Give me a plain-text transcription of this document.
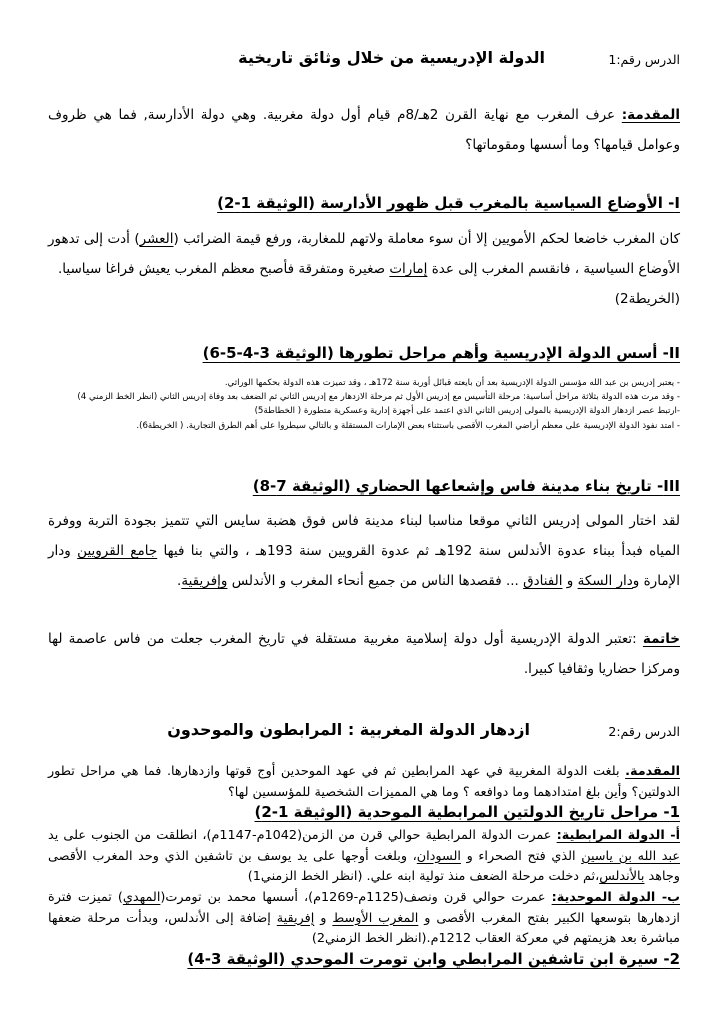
الدرس رقم:1
الدولة الإدريسية من خلال وثائق تاريخية
المقدمة: عرف المغرب مع نهاية القرن 2هـ/8م قيام أول دولة مغربية. وهي دولة الأدارسة, فما هي ظروف وعوامل قيامها؟ وما أسسها ومقوماتها؟
I- الأوضاع السياسية بالمغرب قبل ظهور الأدارسة (الوثيقة 1-2)
كان المغرب خاضعا لحكم الأمويين إلا أن سوء معاملة ولاتهم للمغاربة، ورفع قيمة الضرائب (العشر) أدت إلى تدهور الأوضاع السياسية ، فانقسم المغرب إلى عدة إمارات صغيرة ومتفرقة فأصبح معظم المغرب يعيش فراغا سياسيا.
(الخريطة2)
II- أسس الدولة الإدريسية وأهم مراحل تطورها (الوثيقة 3-4-5-6)
- يعتبر إدريس بن عبد الله مؤسس الدولة الإدريسية بعد أن بايعته قبائل أوربة سنة 172هـ ، وقد تميزت هذه الدولة بحكمها الوراثي.
- وقد مرت هذه الدولة بثلاثة مراحل أساسية: مرحلة التأسيس مع إدريس الأول ثم مرحلة الازدهار مع إدريس الثاني ثم الضعف بعد وفاة إدريس الثاني (انظر الخط الزمني 4)
-ارتبط عصر ازدهار الدولة الإدريسية بالمولى إدريس الثاني الذي اعتمد على أجهزة إدارية وعسكرية متطورة ( الخطاطة5)
- امتد نفوذ الدولة الإدريسية على معظم أراضي المغرب الأقصى باستثناء بعض الإمارات المستقلة و بالتالي سيطروا على أهم الطرق التجارية. ( الخريطة6).
III- تاريخ بناء مدينة فاس وإشعاعها الحضاري (الوثيقة 7-8)
لقد اختار المولى إدريس الثاني موقعا مناسبا لبناء مدينة فاس فوق هضبة سايس التي تتميز بجودة التربة ووفرة المياه فبدأ ببناء عدوة الأندلس سنة 192هـ ثم عدوة القرويين سنة 193هـ ، والتي بنا فيها جامع القرويين ودار الإمارة ودار السكة و الفنادق ... فقصدها الناس من جميع أنحاء المغرب و الأندلس وإفريقية.
خاتمة :تعتبر الدولة الإدريسية أول دولة إسلامية مغربية مستقلة في تاريخ المغرب جعلت من فاس عاصمة لها ومركزا حضاريا وثقافيا كبيرا.
الدرس رقم:2
ازدهار الدولة المغربية : المرابطون والموحدون
المقدمة. بلغت الدولة المغربية في عهد المرابطين ثم في عهد الموحدين أوج قوتها وازدهارها. فما هي مراحل تطور الدولتين؟ وأين بلغ امتدادهما وما دوافعه ؟ وما هي المميزات الشخصية للمؤسسين لها؟
1- مراحل تاريخ الدولتين المرابطية الموحدية (الوثيقة 1-2)
أ- الدولة المرابطية: عمرت الدولة المرابطية حوالي قرن من الزمن(1042م-1147م)، انطلقت من الجنوب على يد عبد الله بن ياسين الذي فتح الصحراء و السودان، وبلغت أوجها على يد يوسف بن تاشفين الذي وحد المغرب الأقصى وجاهد بالأندلس،ثم دخلت مرحلة الضعف منذ تولية ابنه علي. (انظر الخط الزمني1)
ب- الدولة الموحدية: عمرت حوالي قرن ونصف(1125م-1269م)، أسسها محمد بن تومرت(المهدي) تميزت فترة ازدهارها بتوسعها الكبير بفتح المغرب الأقصى و المغرب الأوسط و إفريقية إضافة إلى الأندلس، وبدأت مرحلة ضعفها مباشرة بعد هزيمتهم في معركة العقاب 1212م.(انظر الخط الزمني2)
2- سيرة ابن تاشفين المرابطي وابن تومرت الموحدي (الوثيقة 3-4)
